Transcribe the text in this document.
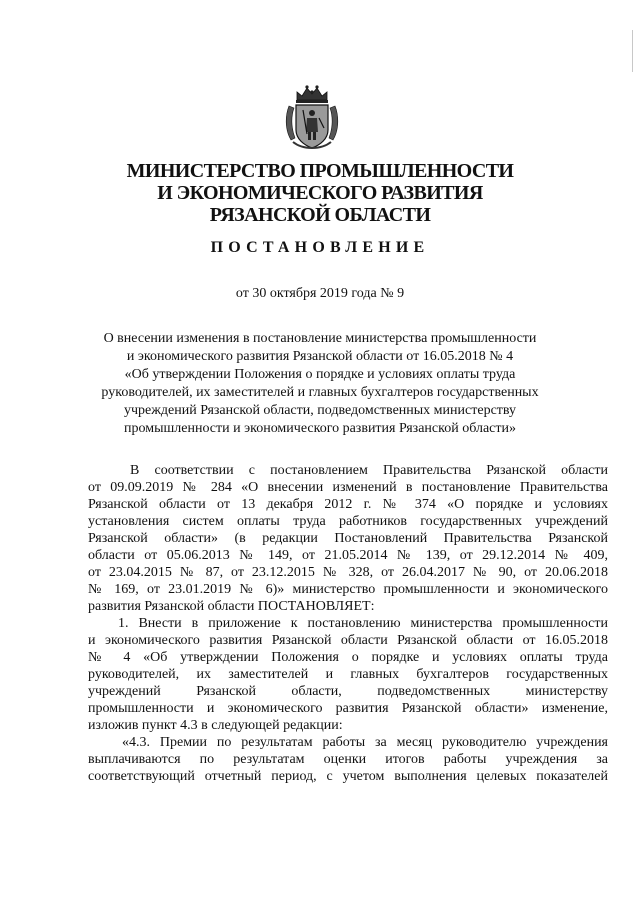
МИНИСТЕРСТВО ПРОМЫШЛЕННОСТИ
И ЭКОНОМИЧЕСКОГО РАЗВИТИЯ
РЯЗАНСКОЙ ОБЛАСТИ
ПОСТАНОВЛЕНИЕ
от 30 октября 2019 года № 9
О внесении изменения в постановление министерства промышленности
и экономического развития Рязанской области от 16.05.2018 № 4
«Об утверждении Положения о порядке и условиях оплаты труда
руководителей, их заместителей и главных бухгалтеров государственных
учреждений Рязанской области, подведомственных министерству
промышленности и экономического развития Рязанской области»
В соответствии с постановлением Правительства Рязанской области
от 09.09.2019 № 284 «О внесении изменений в постановление Правительства
Рязанской области от 13 декабря 2012 г. № 374 «О порядке и условиях
установления систем оплаты труда работников государственных учреждений
Рязанской области» (в редакции Постановлений Правительства Рязанской
области от 05.06.2013 № 149, от 21.05.2014 № 139, от 29.12.2014 № 409,
от 23.04.2015 № 87, от 23.12.2015 № 328, от 26.04.2017 № 90, от 20.06.2018
№ 169, от 23.01.2019 № 6)» министерство промышленности и экономического
развития Рязанской области ПОСТАНОВЛЯЕТ:
1. Внести в приложение к постановлению министерства промышленности
и экономического развития Рязанской области Рязанской области от 16.05.2018
№ 4 «Об утверждении Положения о порядке и условиях оплаты труда
руководителей, их заместителей и главных бухгалтеров государственных
учреждений Рязанской области, подведомственных министерству
промышленности и экономического развития Рязанской области» изменение,
изложив пункт 4.3 в следующей редакции:
«4.3. Премии по результатам работы за месяц руководителю учреждения
выплачиваются по результатам оценки итогов работы учреждения за
соответствующий отчетный период, с учетом выполнения целевых показателей
